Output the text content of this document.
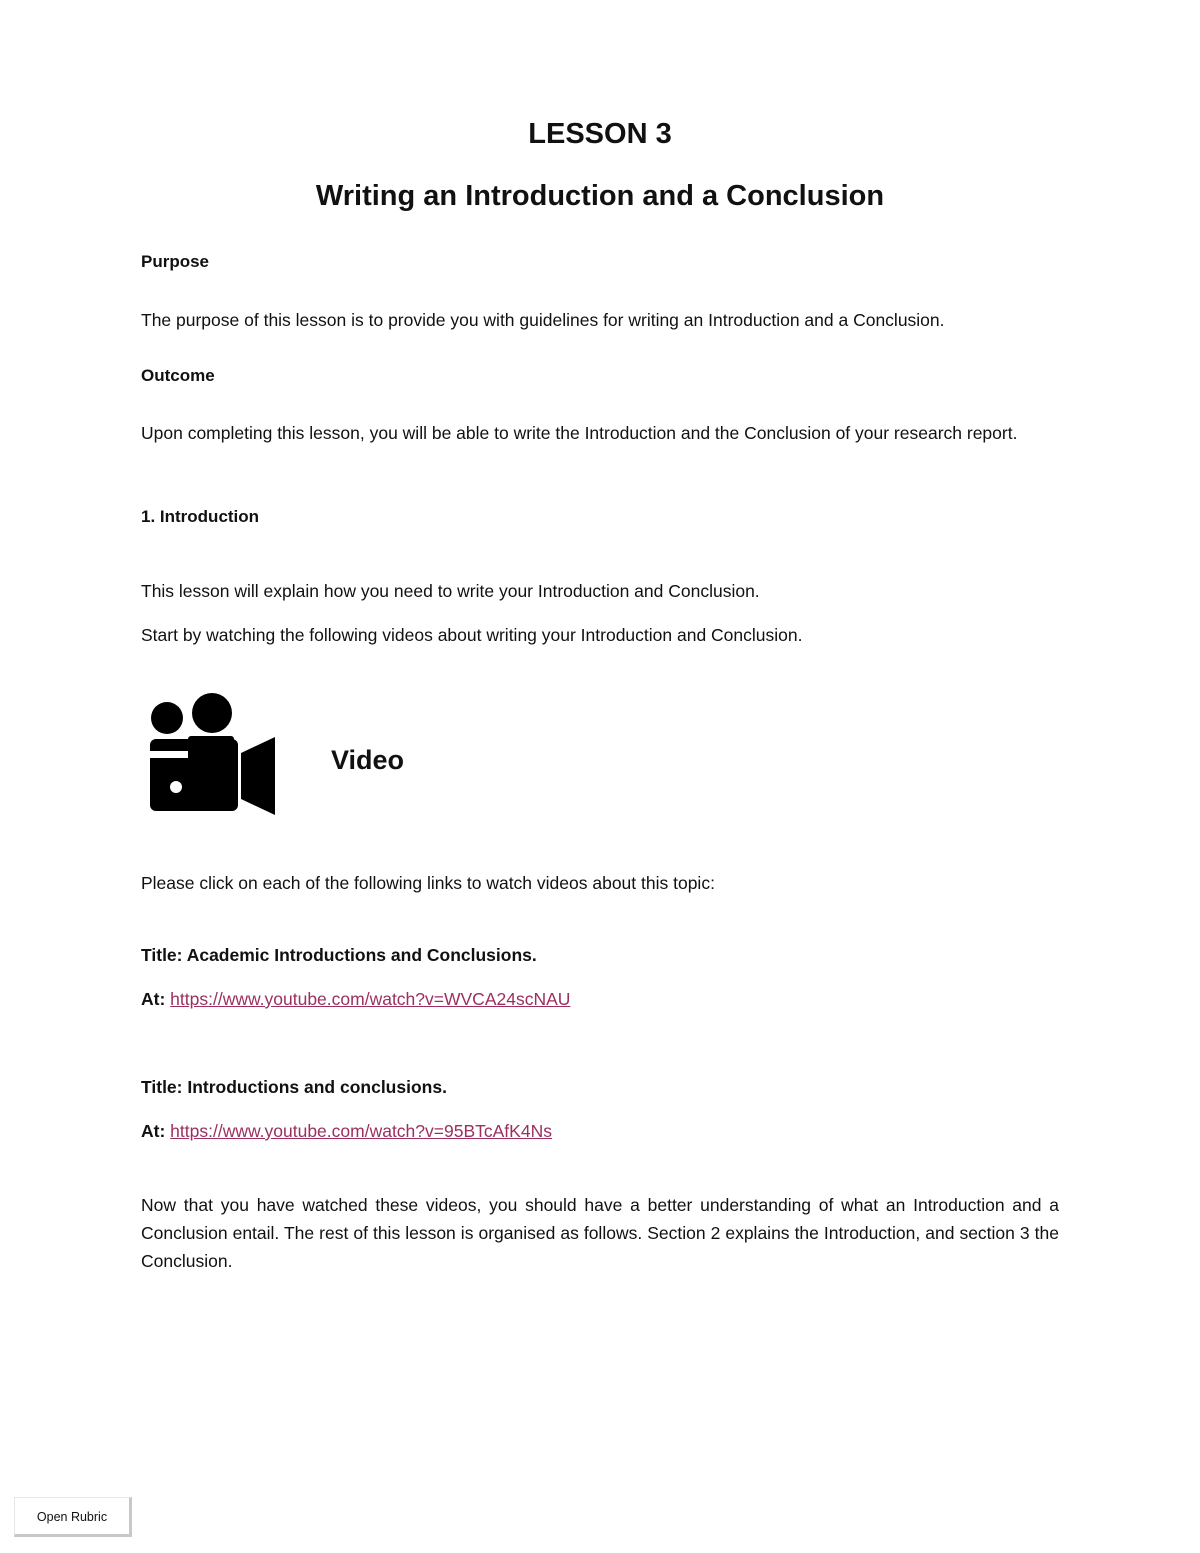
LESSON 3
Writing an Introduction and a Conclusion
Purpose
The purpose of this lesson is to provide you with guidelines for writing an Introduction and a Conclusion.
Outcome
Upon completing this lesson, you will be able to write the Introduction and the Conclusion of your research report.
1. Introduction
This lesson will explain how you need to write your Introduction and Conclusion.
Start by watching the following videos about writing your Introduction and Conclusion.
Video
Please click on each of the following links to watch videos about this topic:
Title: Academic Introductions and Conclusions.
At: https://www.youtube.com/watch?v=WVCA24scNAU
Title: Introductions and conclusions.
At: https://www.youtube.com/watch?v=95BTcAfK4Ns
Now that you have watched these videos, you should have a better understanding of what an Introduction and a Conclusion entail. The rest of this lesson is organised as follows. Section 2 explains the Introduction, and section 3 the Conclusion.
Open Rubric
